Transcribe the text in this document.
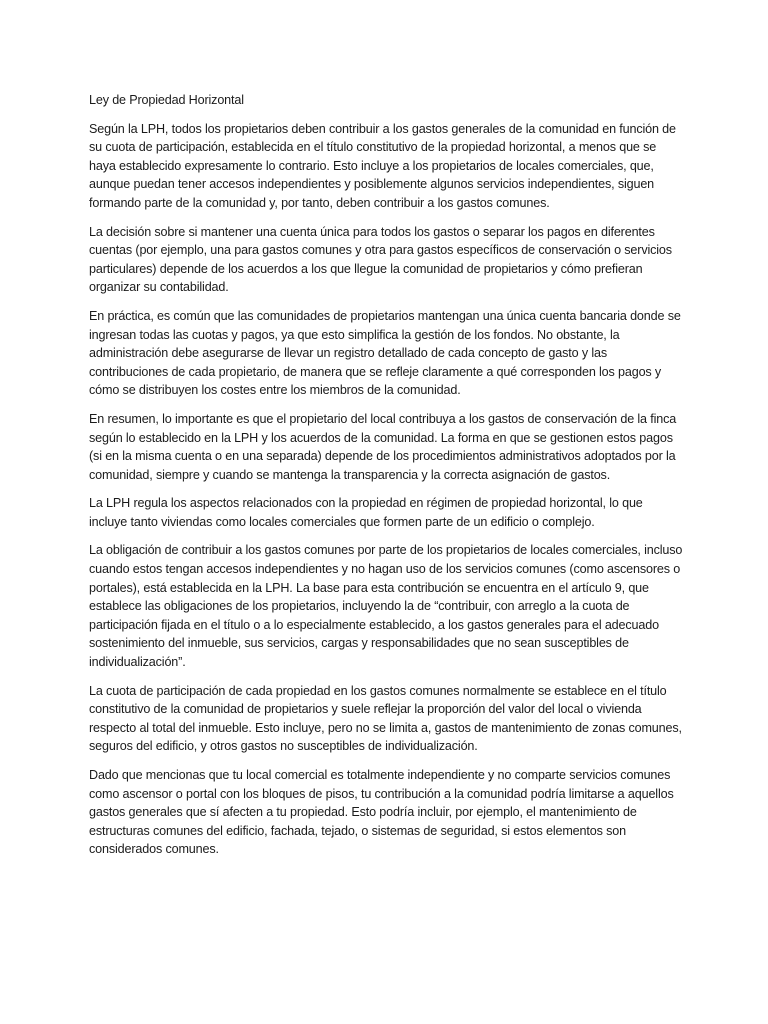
Ley de Propiedad Horizontal

Según la LPH, todos los propietarios deben contribuir a los gastos generales de la comunidad en función de su cuota de participación, establecida en el título constitutivo de la propiedad horizontal, a menos que se haya establecido expresamente lo contrario. Esto incluye a los propietarios de locales comerciales, que, aunque puedan tener accesos independientes y posiblemente algunos servicios independientes, siguen formando parte de la comunidad y, por tanto, deben contribuir a los gastos comunes.

La decisión sobre si mantener una cuenta única para todos los gastos o separar los pagos en diferentes cuentas (por ejemplo, una para gastos comunes y otra para gastos específicos de conservación o servicios particulares) depende de los acuerdos a los que llegue la comunidad de propietarios y cómo prefieran organizar su contabilidad.

En práctica, es común que las comunidades de propietarios mantengan una única cuenta bancaria donde se ingresan todas las cuotas y pagos, ya que esto simplifica la gestión de los fondos. No obstante, la administración debe asegurarse de llevar un registro detallado de cada concepto de gasto y las contribuciones de cada propietario, de manera que se refleje claramente a qué corresponden los pagos y cómo se distribuyen los costes entre los miembros de la comunidad.

En resumen, lo importante es que el propietario del local contribuya a los gastos de conservación de la finca según lo establecido en la LPH y los acuerdos de la comunidad. La forma en que se gestionen estos pagos (si en la misma cuenta o en una separada) depende de los procedimientos administrativos adoptados por la comunidad, siempre y cuando se mantenga la transparencia y la correcta asignación de gastos.

La LPH regula los aspectos relacionados con la propiedad en régimen de propiedad horizontal, lo que incluye tanto viviendas como locales comerciales que formen parte de un edificio o complejo.

La obligación de contribuir a los gastos comunes por parte de los propietarios de locales comerciales, incluso cuando estos tengan accesos independientes y no hagan uso de los servicios comunes (como ascensores o portales), está establecida en la LPH. La base para esta contribución se encuentra en el artículo 9, que establece las obligaciones de los propietarios, incluyendo la de “contribuir, con arreglo a la cuota de participación fijada en el título o a lo especialmente establecido, a los gastos generales para el adecuado sostenimiento del inmueble, sus servicios, cargas y responsabilidades que no sean susceptibles de individualización”.

La cuota de participación de cada propiedad en los gastos comunes normalmente se establece en el título constitutivo de la comunidad de propietarios y suele reflejar la proporción del valor del local o vivienda respecto al total del inmueble. Esto incluye, pero no se limita a, gastos de mantenimiento de zonas comunes, seguros del edificio, y otros gastos no susceptibles de individualización.

Dado que mencionas que tu local comercial es totalmente independiente y no comparte servicios comunes como ascensor o portal con los bloques de pisos, tu contribución a la comunidad podría limitarse a aquellos gastos generales que sí afecten a tu propiedad. Esto podría incluir, por ejemplo, el mantenimiento de estructuras comunes del edificio, fachada, tejado, o sistemas de seguridad, si estos elementos son considerados comunes.
